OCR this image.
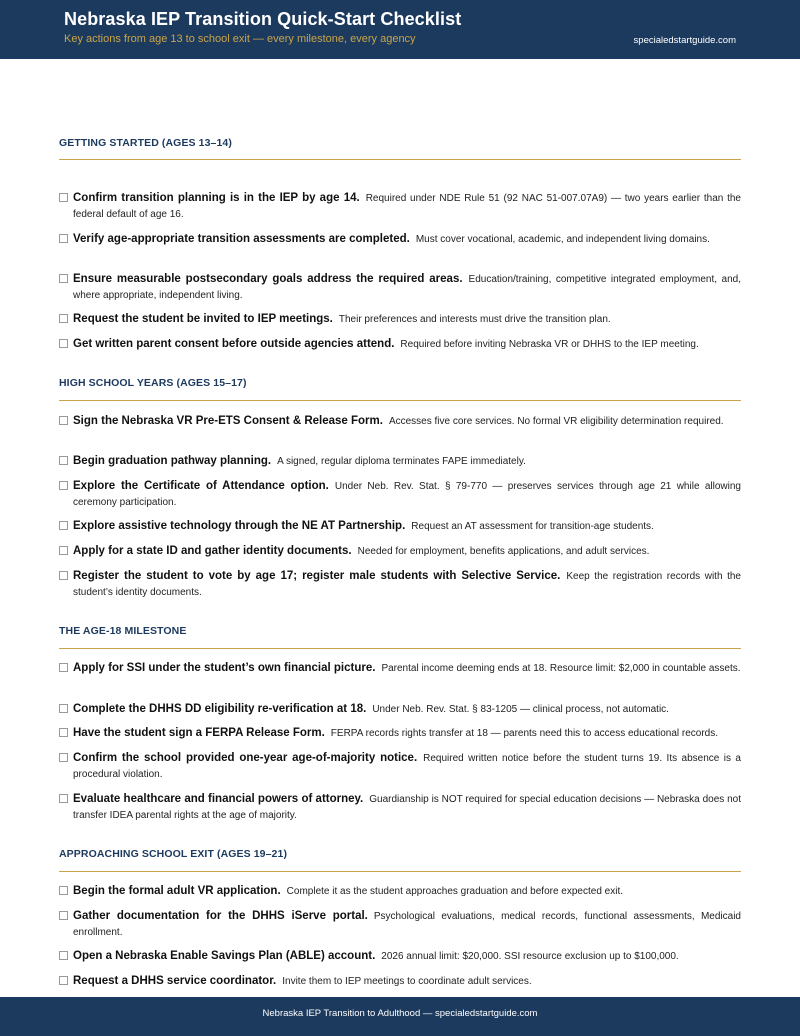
Nebraska IEP Transition Quick-Start Checklist
Key actions from age 13 to school exit — every milestone, every agency	specialedstartguide.com
GETTING STARTED (AGES 13–14)
Confirm transition planning is in the IEP by age 14. Required under NDE Rule 51 (92 NAC 51-007.07A9) — two years earlier than the federal default of age 16.
Verify age-appropriate transition assessments are completed. Must cover vocational, academic, and independent living domains.
Ensure measurable postsecondary goals address the required areas. Education/training, competitive integrated employment, and, where appropriate, independent living.
Request the student be invited to IEP meetings. Their preferences and interests must drive the transition plan.
Get written parent consent before outside agencies attend. Required before inviting Nebraska VR or DHHS to the IEP meeting.
HIGH SCHOOL YEARS (AGES 15–17)
Sign the Nebraska VR Pre-ETS Consent & Release Form. Accesses five core services. No formal VR eligibility determination required.
Begin graduation pathway planning. A signed, regular diploma terminates FAPE immediately.
Explore the Certificate of Attendance option. Under Neb. Rev. Stat. § 79-770 — preserves services through age 21 while allowing ceremony participation.
Explore assistive technology through the NE AT Partnership. Request an AT assessment for transition-age students.
Apply for a state ID and gather identity documents. Needed for employment, benefits applications, and adult services.
Register the student to vote by age 17; register male students with Selective Service. Keep the registration records with the student’s identity documents.
THE AGE-18 MILESTONE
Apply for SSI under the student’s own financial picture. Parental income deeming ends at 18. Resource limit: $2,000 in countable assets.
Complete the DHHS DD eligibility re-verification at 18. Under Neb. Rev. Stat. § 83-1205 — clinical process, not automatic.
Have the student sign a FERPA Release Form. FERPA records rights transfer at 18 — parents need this to access educational records.
Confirm the school provided one-year age-of-majority notice. Required written notice before the student turns 19. Its absence is a procedural violation.
Evaluate healthcare and financial powers of attorney. Guardianship is NOT required for special education decisions — Nebraska does not transfer IDEA parental rights at the age of majority.
APPROACHING SCHOOL EXIT (AGES 19–21)
Begin the formal adult VR application. Complete it as the student approaches graduation and before expected exit.
Gather documentation for the DHHS iServe portal. Psychological evaluations, medical records, functional assessments, Medicaid enrollment.
Open a Nebraska Enable Savings Plan (ABLE) account. 2026 annual limit: $20,000. SSI resource exclusion up to $100,000.
Request a DHHS service coordinator. Invite them to IEP meetings to coordinate adult services.
Nebraska IEP Transition to Adulthood — specialedstartguide.com
